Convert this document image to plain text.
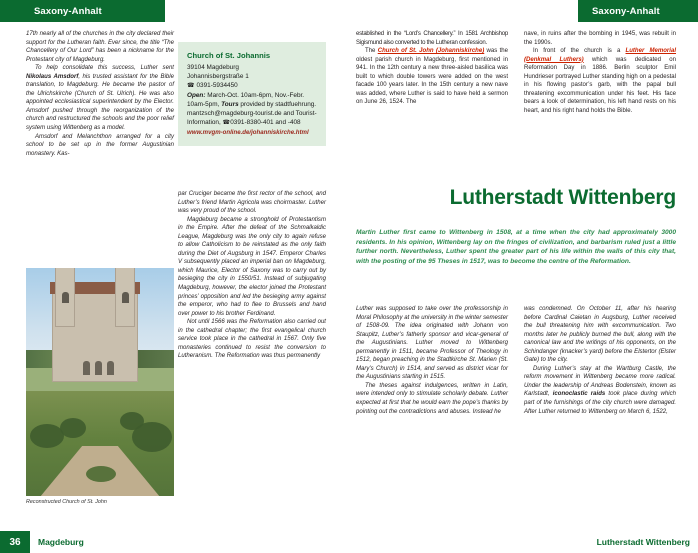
Saxony-Anhalt	Saxony-Anhalt

17th nearly all of the churches in the city declared their support for the Lutheran faith. Ever since, the title “The Chancellery of Our Lord” has been a nickname for the Protestant city of Magdeburg.

To help consolidate this success, Luther sent Nikolaus Amsdorf, his trusted assistant for the Bible translation, to Magdeburg. He became the pastor of the Ulrichskirche (Church of St. Ulrich). He was also appointed ecclesiastical superintendent by the Elector. Amsdorf pushed through the reorganization of the church and restructured the schools and the poor relief system using Wittenberg as a model.

Amsdorf and Melanchthon arranged for a city school to be set up in the former Augustinian monastery. Kas-

Church of St. Johannis
39104 Magdeburg
Johannisbergstraße 1
☎ 0391-5934450
Open: March-Oct. 10am-6pm, Nov.-Febr. 10am-5pm, Tours provided by stadtfuehrung. mantzsch@magdeburg-tourist.de and Tourist-Information, ☎0391-8380-401 and -408
www.mvgm-online.de/johanniskirche.html

par Cruciger became the first rector of the school, and Luther’s friend Martin Agricola was choirmaster. Luther was very proud of the school.

Magdeburg became a stronghold of Protestantism in the Empire. After the defeat of the Schmalkaldic League, Magdeburg was the only city to again refuse to allow Catholicism to be reinstated as the only faith during the Diet of Augsburg in 1547. Emperor Charles V subsequently placed an imperial ban on Magdeburg, which Maurice, Elector of Saxony was to carry out by besieging the city in 1550/51. Instead of subjugating Magdeburg, however, the elector joined the Protestant princes’ opposition and led the besieging army against the emperor, who had to flee to Brussels and hand over power to his brother Ferdinand.

Not until 1566 was the Reformation also carried out in the cathedral chapter; the first evangelical church service took place in the cathedral in 1567. Only five monasteries continued to resist the conversion to Lutheranism. The Reformation was thus permanently

Reconstructed Church of St. John

established in the “Lord’s Chancellery.” In 1581 Archbishop Sigismund also converted to the Lutheran confession.

The Church of St. John (Johanniskirche) was the oldest parish church in Magdeburg, first mentioned in 941. In the 12th century a new three-aisled basilica was built to which double towers were added on the west facade 100 years later. In the 15th century a new nave was added, where Luther is said to have held a sermon on June 26, 1524. The

nave, in ruins after the bombing in 1945, was rebuilt in the 1990s.

In front of the church is a Luther Memorial (Denkmal Luthers) which was dedicated on Reformation Day in 1886. Berlin sculptor Emil Hundrieser portrayed Luther standing high on a pedestal in his flowing pastor’s garb, with the papal bull threatening excommunication under his feet. His face bears a look of determination, his left hand rests on his heart, and his right hand holds the Bible.

Lutherstadt Wittenberg
Martin Luther first came to Wittenberg in 1508, at a time when the city had approximately 3000 residents. In his opinion, Wittenberg lay on the fringes of civilization, and barbarism ruled just a little further north. Nevertheless, Luther spent the greater part of his life within the walls of this city that, with the posting of the 95 Theses in 1517, was to become the centre of the Reformation.

Luther was supposed to take over the professorship in Moral Philosophy at the university in the winter semester of 1508-09. The idea originated with Johann von Staupitz, Luther’s fatherly sponsor and vicar-general of the Augustinians. Luther moved to Wittenberg permanently in 1511, became Professor of Theology in 1512, began preaching in the Stadtkirche St. Marien (St. Mary’s Church) in 1514, and served as district vicar for the Augustinians starting in 1515.

The theses against indulgences, written in Latin, were intended only to stimulate scholarly debate. Luther expected at first that he would earn the pope’s thanks by pointing out the contradictions and abuses. Instead he

was condemned. On October 11, after his hearing before Cardinal Caietan in Augsburg, Luther received the bull threatening him with excommunication. Two months later he publicly burned the bull, along with the canonical law and the writings of his opponents, on the Schindanger (knacker’s yard) before the Elstertor (Elster Gate) to the city.

During Luther’s stay at the Wartburg Castle, the reform movement in Wittenberg became more radical. Under the leadership of Andreas Bodenstein, known as Karlstadt, iconoclastic raids took place during which part of the furnishings of the city church were damaged. After Luther returned to Wittenberg on March 6, 1522,

36	Magdeburg	Lutherstadt Wittenberg
